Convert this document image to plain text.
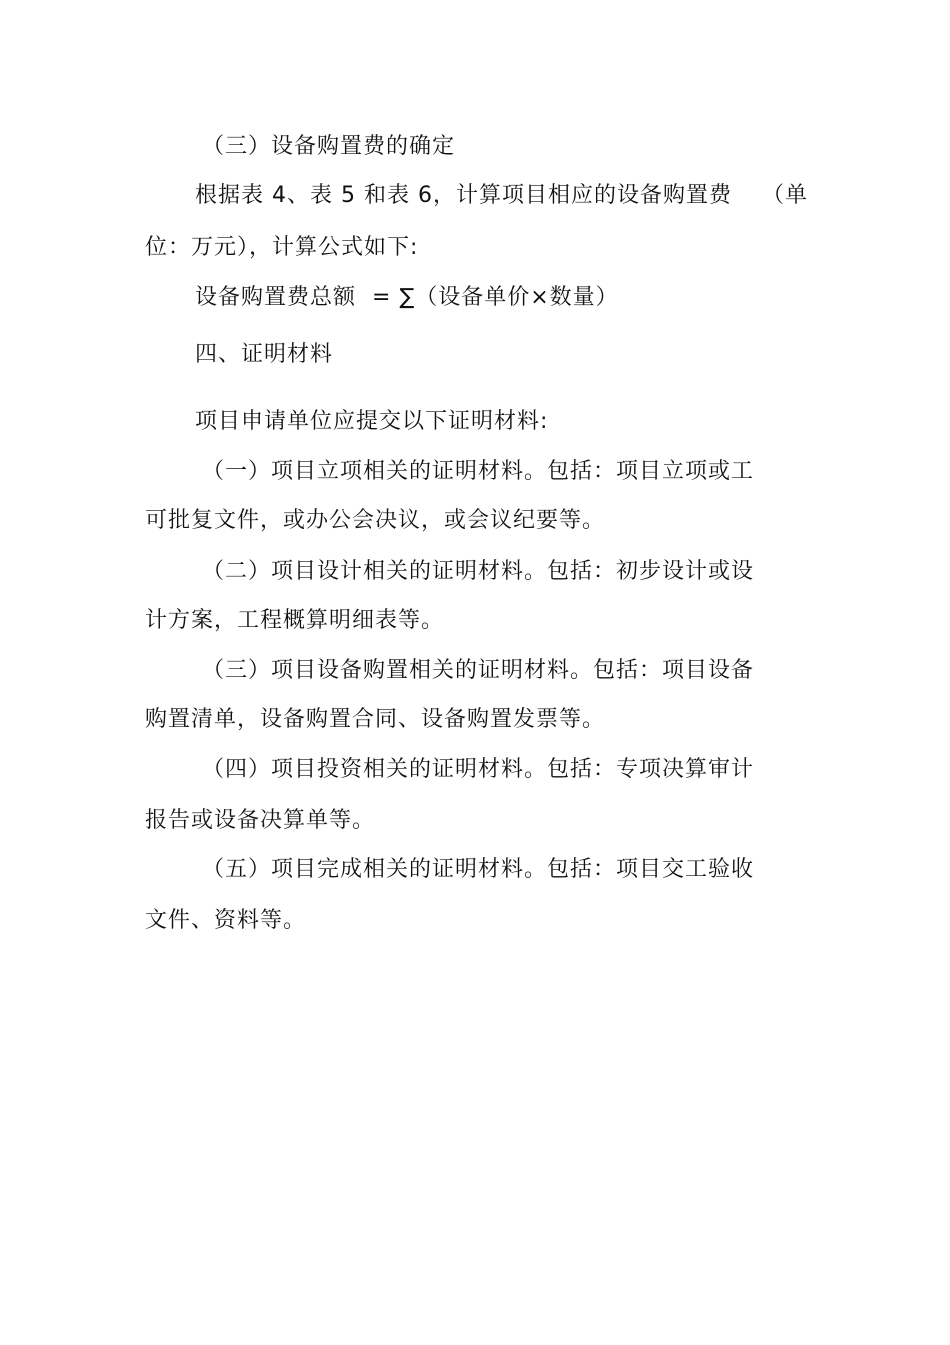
（三）设备购置费的确定
根据表 4、表 5 和表 6，计算项目相应的设备购置费 （单
位：万元），计算公式如下:
设备购置费总额 = ∑（设备单价×数量）
四、证明材料
项目申请单位应提交以下证明材料:
（一）项目立项相关的证明材料。包括：项目立项或工
可批复文件，或办公会决议，或会议纪要等。
（二）项目设计相关的证明材料。包括：初步设计或设
计方案，工程概算明细表等。
（三）项目设备购置相关的证明材料。包括：项目设备
购置清单，设备购置合同、设备购置发票等。
（四）项目投资相关的证明材料。包括：专项决算审计
报告或设备决算单等。
（五）项目完成相关的证明材料。包括：项目交工验收
文件、资料等。
